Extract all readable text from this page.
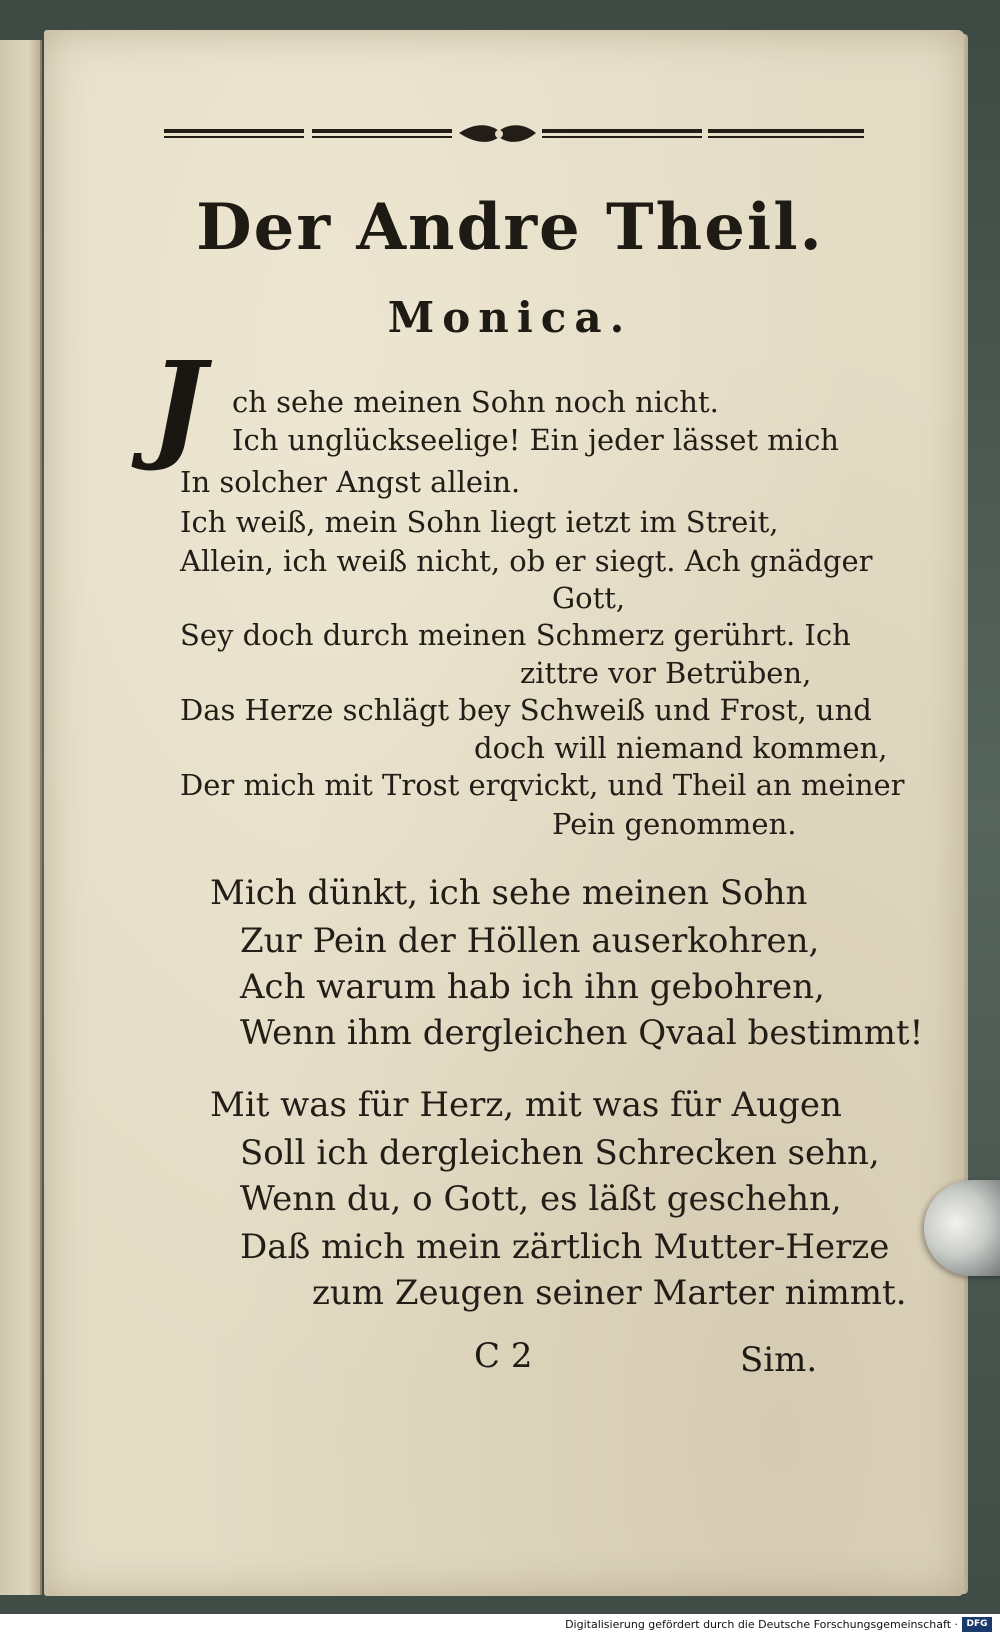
Der Andre Theil.
Monica.
J ch sehe meinen Sohn noch nicht.
Ich unglückseelige! Ein jeder lässet mich
In solcher Angst allein.
Ich weiß, mein Sohn liegt ietzt im Streit,
Allein, ich weiß nicht, ob er siegt. Ach gnädger
Gott,
Sey doch durch meinen Schmerz gerührt. Ich
zittre vor Betrüben,
Das Herze schlägt bey Schweiß und Frost, und
doch will niemand kommen,
Der mich mit Trost erqvickt, und Theil an meiner
Pein genommen.
Mich dünkt, ich sehe meinen Sohn
Zur Pein der Höllen auserkohren,
Ach warum hab ich ihn gebohren,
Wenn ihm dergleichen Qvaal bestimmt!
Mit was für Herz, mit was für Augen
Soll ich dergleichen Schrecken sehn,
Wenn du, o Gott, es läßt geschehn,
Daß mich mein zärtlich Mutter-Herze
zum Zeugen seiner Marter nimmt.
C 2	Sim.
Digitalisierung gefördert durch die Deutsche Forschungsgemeinschaft · DFG
